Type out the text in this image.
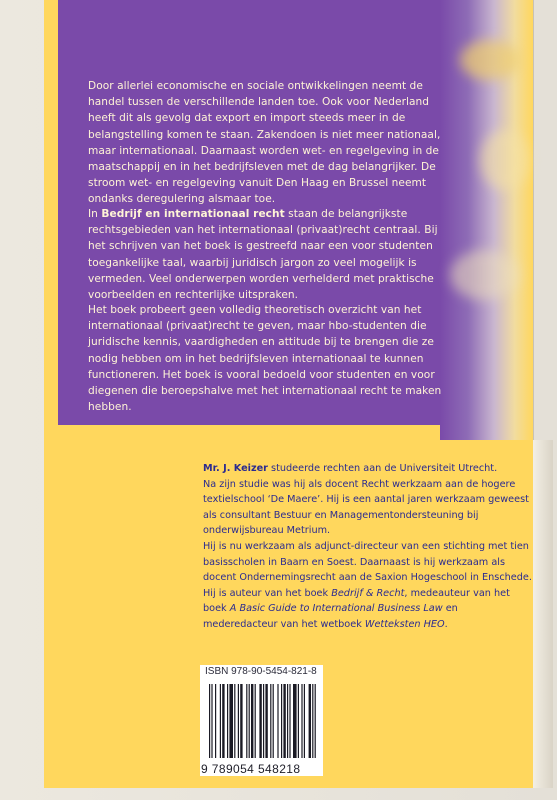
Door allerlei economische en sociale ontwikkelingen neemt de handel tussen de verschillende landen toe. Ook voor Nederland heeft dit als gevolg dat export en import steeds meer in de belangstelling komen te staan. Zakendoen is niet meer nationaal, maar internationaal. Daarnaast worden wet- en regelgeving in de maatschappij en in het bedrijfsleven met de dag belangrijker. De stroom wet- en regelgeving vanuit Den Haag en Brussel neemt ondanks deregulering alsmaar toe.

In Bedrijf en internationaal recht staan de belangrijkste rechtsgebieden van het internationaal (privaat)recht centraal. Bij het schrijven van het boek is gestreefd naar een voor studenten toegankelijke taal, waarbij juridisch jargon zo veel mogelijk is vermeden. Veel onderwerpen worden verhelderd met praktische voorbeelden en rechterlijke uitspraken.

Het boek probeert geen volledig theoretisch overzicht van het internationaal (privaat)recht te geven, maar hbo-studenten die juridische kennis, vaardigheden en attitude bij te brengen die ze nodig hebben om in het bedrijfsleven internationaal te kunnen functioneren. Het boek is vooral bedoeld voor studenten en voor diegenen die beroepshalve met het internationaal recht te maken hebben.

Mr. J. Keizer studeerde rechten aan de Universiteit Utrecht.

Na zijn studie was hij als docent Recht werkzaam aan de hogere textielschool ‘De Maere’. Hij is een aantal jaren werkzaam geweest als consultant Bestuur en Managementondersteuning bij onderwijsbureau Metrium.

Hij is nu werkzaam als adjunct-directeur van een stichting met tien basisscholen in Baarn en Soest. Daarnaast is hij werkzaam als docent Ondernemingsrecht aan de Saxion Hogeschool in Enschede.

Hij is auteur van het boek Bedrijf & Recht, medeauteur van het boek A Basic Guide to International Business Law en mederedacteur van het wetboek Wetteksten HEO.

ISBN 978-90-5454-821-8
9 789054 548218
